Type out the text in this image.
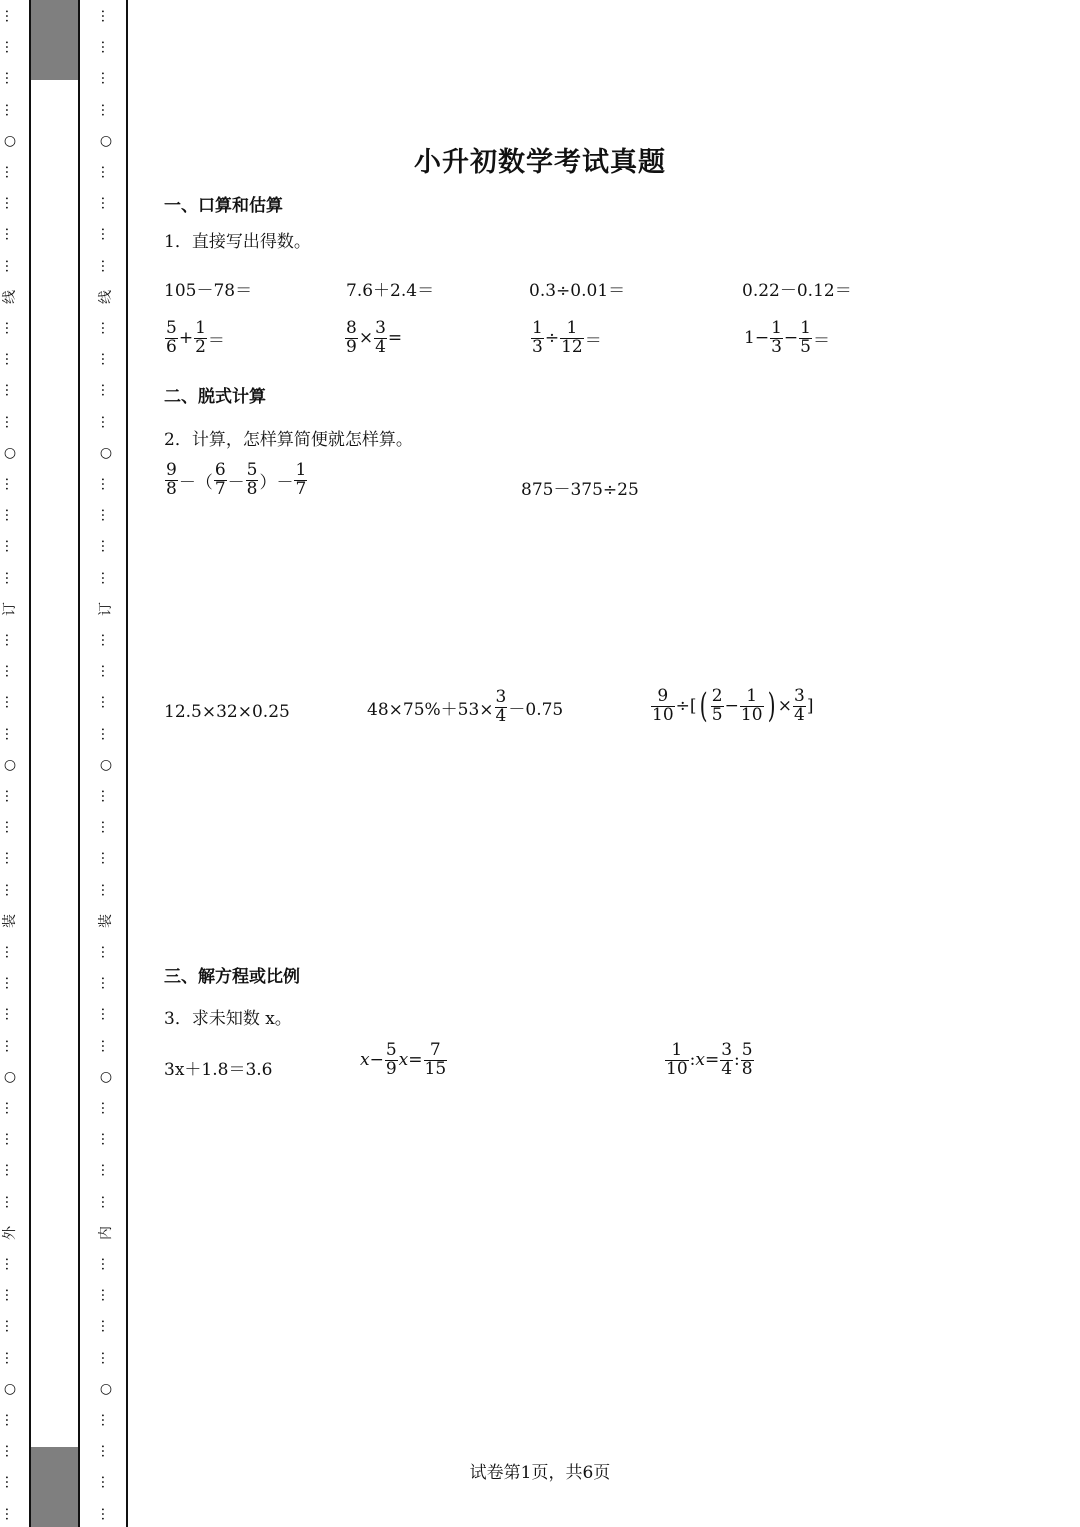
…
…
…
…
○
…
…
…
…
线
…
…
…
…
○
…
…
…
…
订
…
…
…
…
○
…
…
…
…
装
…
…
…
…
○
…
…
…
…
外
…
…
…
…
○
…
…
…
…
…
…
…
…
○
…
…
…
…
线
…
…
…
…
○
…
…
…
…
订
…
…
…
…
○
…
…
…
…
装
…
…
…
…
○
…
…
…
…
内
…
…
…
…
○
…
…
…
…
小升初数学考试真题
一、口算和估算
1．直接写出得数。
105－78＝	7.6＋2.4＝	0.3÷0.01＝	0.22－0.12＝
$\frac{5}{6} + \frac{1}{2}$ ＝	$\frac{8}{9} \times \frac{3}{4}$ =	$\frac{1}{3} \div \frac{1}{12}$ ＝	$1- \frac{1}{3} - \frac{1}{5}$ ＝
二、脱式计算
2．计算，怎样算简便就怎样算。
$\frac{9}{8}$ －（ $\frac{6}{7} - \frac{5}{8}$ ）－ $\frac{1}{7}$	875－375÷25
12.5×32×0.25	$48\times 75\%+53\times \frac{3}{4} -0.75$	$\frac{9}{10}$ ÷[ ( $\frac{2}{5} - \frac{1}{10}$ ) × $\frac{3}{4}$ ]
三、解方程或比例
3．求未知数 x。
3x＋1.8＝3.6	$x - \frac{5}{9}$ $x = \frac{7}{15}$	$\frac{1}{10}$ : $x = \frac{3}{4}$ : $\frac{5}{8}$
试卷第1页，共6页
